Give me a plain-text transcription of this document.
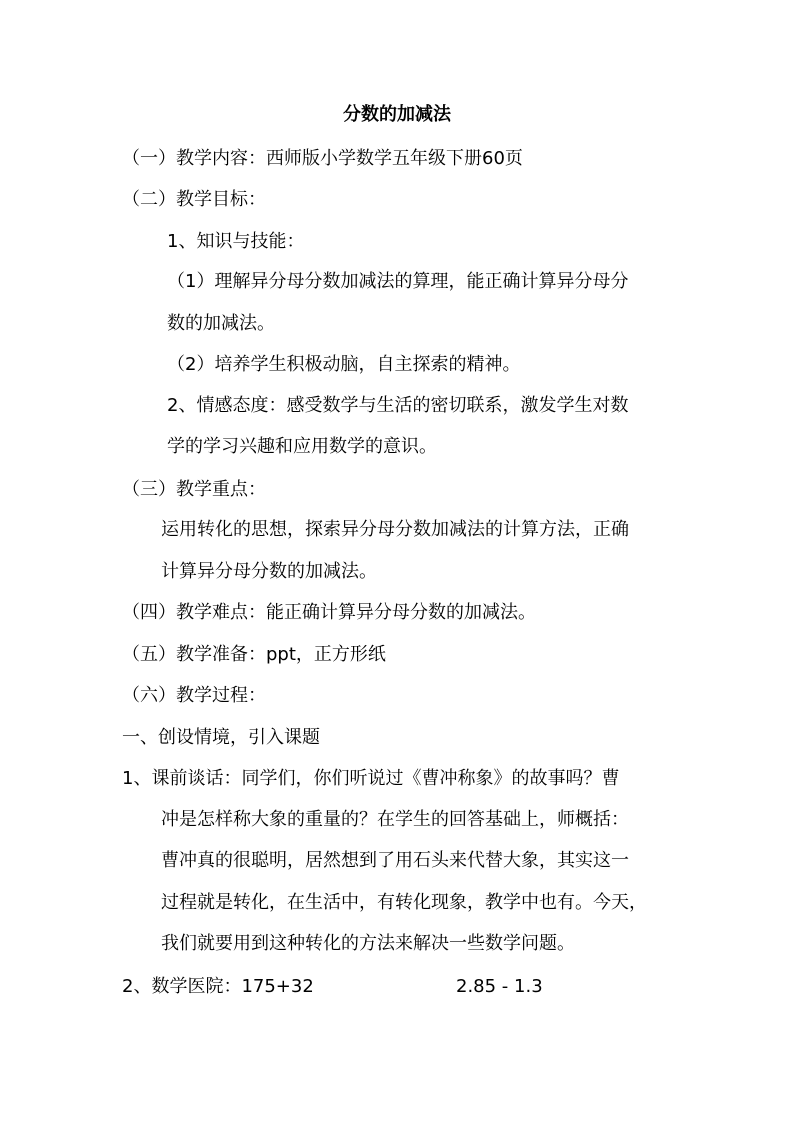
分数的加减法
（一）教学内容：西师版小学数学五年级下册60页
（二）教学目标：
1、知识与技能：
（1）理解异分母分数加减法的算理，能正确计算异分母分
数的加减法。
（2）培养学生积极动脑，自主探索的精神。
2、情感态度：感受数学与生活的密切联系，激发学生对数
学的学习兴趣和应用数学的意识。
（三）教学重点：
运用转化的思想，探索异分母分数加减法的计算方法，正确
计算异分母分数的加减法。
（四）教学难点：能正确计算异分母分数的加减法。
（五）教学准备：ppt，正方形纸
（六）教学过程：
一、创设情境，引入课题
1、课前谈话：同学们，你们听说过《曹冲称象》的故事吗？曹
冲是怎样称大象的重量的？在学生的回答基础上，师概括：
曹冲真的很聪明，居然想到了用石头来代替大象，其实这一
过程就是转化，在生活中，有转化现象，教学中也有。今天，
我们就要用到这种转化的方法来解决一些数学问题。
2、数学医院：175+32	2.85 - 1.3
